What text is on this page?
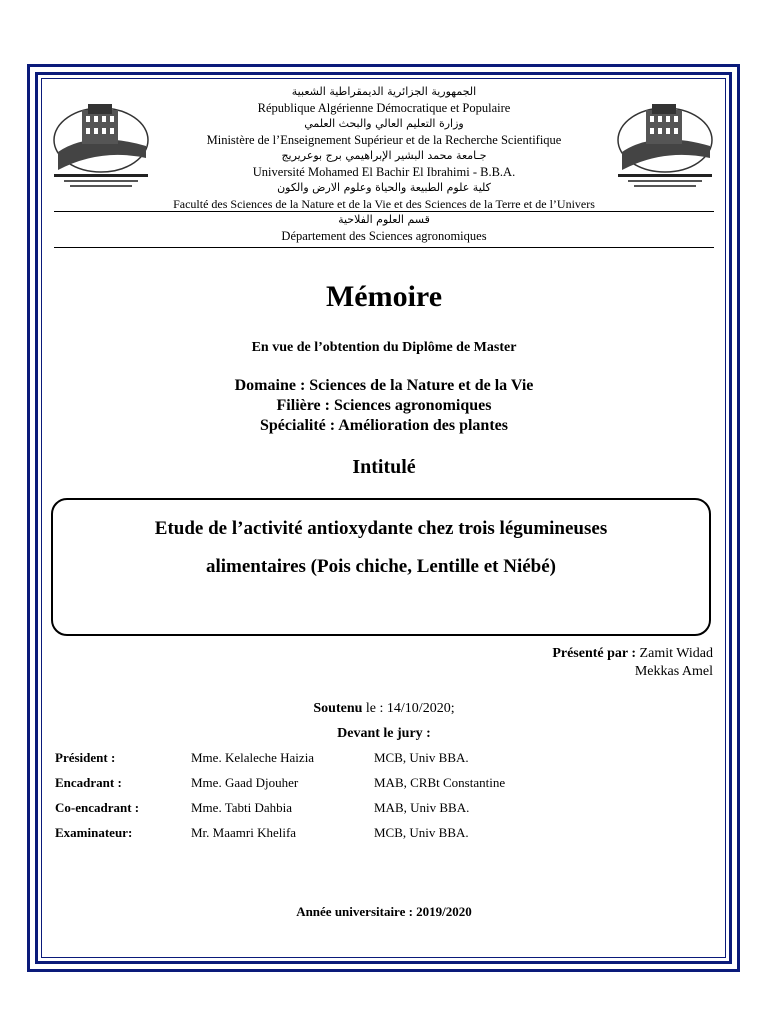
الجمهورية الجزائرية الديمقراطية الشعبية
République Algérienne Démocratique et Populaire
وزارة التعليم العالي والبحث العلمي
Ministère de l’Enseignement Supérieur et de la Recherche Scientifique
جـامعة محمد البشير الإبراهيمي برج بوعريريج
Université Mohamed El Bachir El Ibrahimi - B.B.A.
كلية علوم الطبيعة والحياة وعلوم الارض والكون
Faculté des Sciences de la Nature et de la Vie et des Sciences de la Terre et de l’Univers
قسم العلوم الفلاحية
Département des Sciences agronomiques
Mémoire
En vue de l’obtention du Diplôme de Master
Domaine : Sciences de la Nature et de la Vie
Filière : Sciences agronomiques
Spécialité : Amélioration des plantes
Intitulé
Etude de l’activité antioxydante chez trois légumineuses
alimentaires (Pois chiche, Lentille et Niébé)
Présenté par : Zamit Widad
Mekkas Amel
Soutenu le : 14/10/2020;
Devant le jury :
Président :	Mme. Kelaleche Haizia	MCB, Univ BBA.
Encadrant :	Mme. Gaad Djouher	MAB, CRBt Constantine
Co-encadrant :	Mme. Tabti Dahbia	MAB, Univ BBA.
Examinateur:	Mr. Maamri Khelifa	MCB, Univ BBA.
Année universitaire : 2019/2020
